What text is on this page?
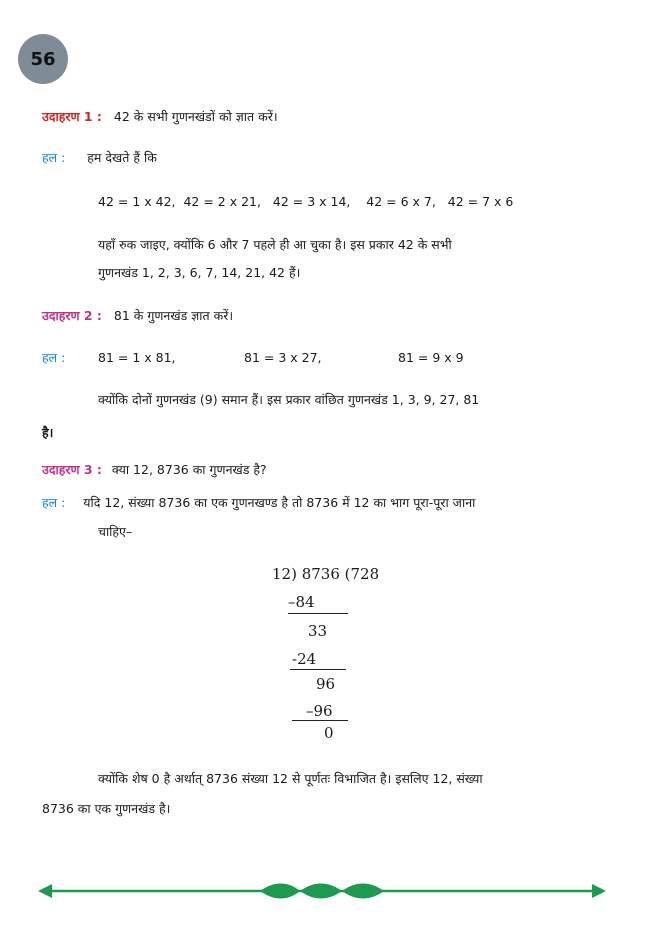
56
उदाहरण 1 : 42 के सभी गुणनखंडों को ज्ञात करें।
हल : हम देखते हैं कि
42 = 1 x 42,  42 = 2 x 21,   42 = 3 x 14,    42 = 6 x 7,   42 = 7 x 6
यहाँ रुक जाइए, क्योंकि 6 और 7 पहले ही आ चुका है। इस प्रकार 42 के सभी
गुणनखंड 1, 2, 3, 6, 7, 14, 21, 42 हैं।
उदाहरण 2 : 81 के गुणनखंड ज्ञात करें।
हल :	81 = 1 x 81,	81 = 3 x 27,	81 = 9 x 9
क्योंकि दोनों गुणनखंड (9) समान हैं। इस प्रकार वांछित गुणनखंड 1, 3, 9, 27, 81
है।
उदाहरण 3 : क्या 12, 8736 का गुणनखंड है?
हल : यदि 12, संख्या 8736 का एक गुणनखण्ड है तो 8736 में 12 का भाग पूरा-पूरा जाना
चाहिए–
12) 8736 (728
–84
33
-24
96
–96
0
क्योंकि शेष 0 है अर्थात् 8736 संख्या 12 से पूर्णतः विभाजित है। इसलिए 12, संख्या
8736 का एक गुणनखंड है।
